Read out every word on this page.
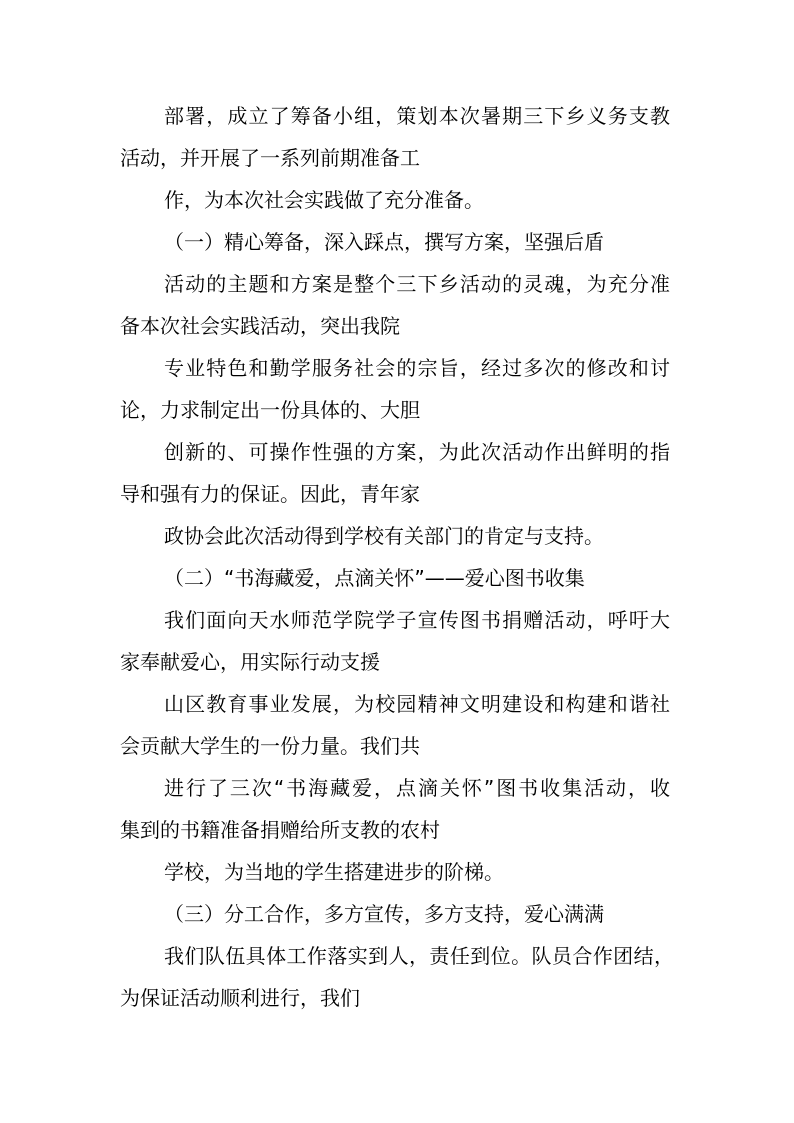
部署，成立了筹备小组，策划本次暑期三下乡义务支教
活动，并开展了一系列前期准备工
作，为本次社会实践做了充分准备。
（一）精心筹备，深入踩点，撰写方案，坚强后盾
活动的主题和方案是整个三下乡活动的灵魂，为充分准
备本次社会实践活动，突出我院
专业特色和勤学服务社会的宗旨，经过多次的修改和讨
论，力求制定出一份具体的、大胆
创新的、可操作性强的方案，为此次活动作出鲜明的指
导和强有力的保证。因此，青年家
政协会此次活动得到学校有关部门的肯定与支持。
（二）“书海藏爱，点滴关怀”——爱心图书收集
我们面向天水师范学院学子宣传图书捐赠活动，呼吁大
家奉献爱心，用实际行动支援
山区教育事业发展，为校园精神文明建设和构建和谐社
会贡献大学生的一份力量。我们共
进行了三次“书海藏爱，点滴关怀”图书收集活动，收
集到的书籍准备捐赠给所支教的农村
学校，为当地的学生搭建进步的阶梯。
（三）分工合作，多方宣传，多方支持，爱心满满
我们队伍具体工作落实到人，责任到位。队员合作团结，
为保证活动顺利进行，我们
